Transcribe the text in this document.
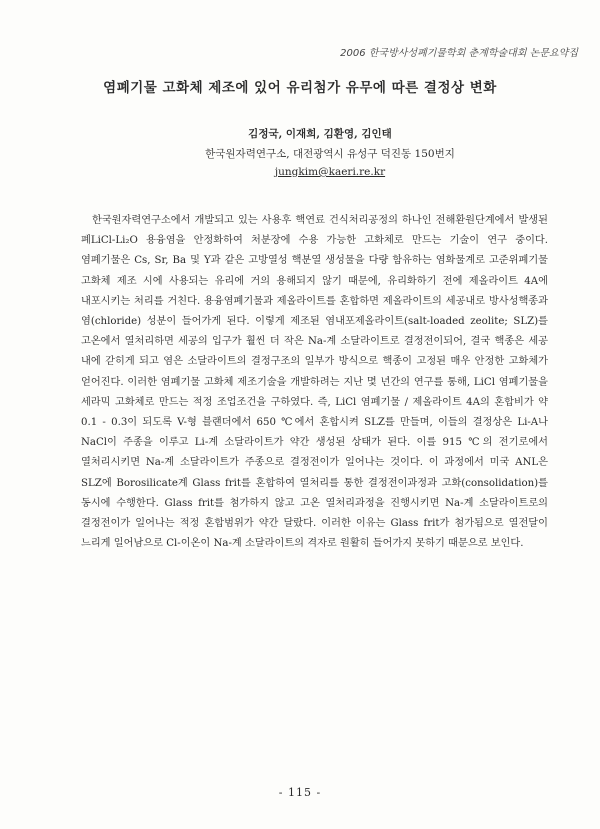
2006 한국방사성폐기물학회 춘계학술대회 논문요약집
염폐기물 고화체 제조에 있어 유리첨가 유무에 따른 결정상 변화
김정국, 이재희, 김환영, 김인태
한국원자력연구소, 대전광역시 유성구 덕진동 150번지
jungkim@kaeri.re.kr

한국원자력연구소에서 개발되고 있는 사용후 핵연료 건식처리공정의 하나인 전해환원단계에서 발생된 폐LiCl-Li₂O 용융염을 안정화하여 처분장에 수용 가능한 고화체로 만드는 기술이 연구 중이다. 염폐기물은 Cs, Sr, Ba 및 Y과 같은 고방열성 핵분열 생성물을 다량 함유하는 염화물계로 고준위폐기물 고화체 제조 시에 사용되는 유리에 거의 용해되지 않기 때문에, 유리화하기 전에 제올라이트 4A에 내포시키는 처리를 거친다. 용융염폐기물과 제올라이트를 혼합하면 제올라이트의 세공내로 방사성핵종과 염(chloride) 성분이 들어가게 된다. 이렇게 제조된 염내포제올라이트(salt-loaded zeolite; SLZ)를 고온에서 열처리하면 세공의 입구가 훨씬 더 작은 Na-계 소달라이트로 결정전이되어, 결국 핵종은 세공 내에 갇히게 되고 염은 소달라이트의 결정구조의 일부가 방식으로 핵종이 고정된 매우 안정한 고화체가 얻어진다. 이러한 염폐기물 고화체 제조기술을 개발하려는 지난 몇 년간의 연구를 통해, LiCl 염폐기물을 세라믹 고화체로 만드는 적정 조업조건을 구하였다. 즉, LiCl 염폐기물 / 제올라이트 4A의 혼합비가 약 0.1 - 0.3이 되도록 V-형 블랜더에서 650 ℃에서 혼합시켜 SLZ를 만들며, 이들의 결정상은 Li-A나 NaCl이 주종을 이루고 Li-계 소달라이트가 약간 생성된 상태가 된다. 이를 915 ℃의 전기로에서 열처리시키면 Na-계 소달라이트가 주종으로 결정전이가 일어나는 것이다. 이 과정에서 미국 ANL은 SLZ에 Borosilicate계 Glass frit를 혼합하여 열처리를 통한 결정전이과정과 고화(consolidation)를 동시에 수행한다. Glass frit를 첨가하지 않고 고온 열처리과정을 진행시키면 Na-계 소달라이트로의 결정전이가 일어나는 적정 혼합범위가 약간 달랐다. 이러한 이유는 Glass frit가 첨가됨으로 열전달이 느리게 일어남으로 Cl-이온이 Na-계 소달라이트의 격자로 원활히 들어가지 못하기 때문으로 보인다.

- 115 -
